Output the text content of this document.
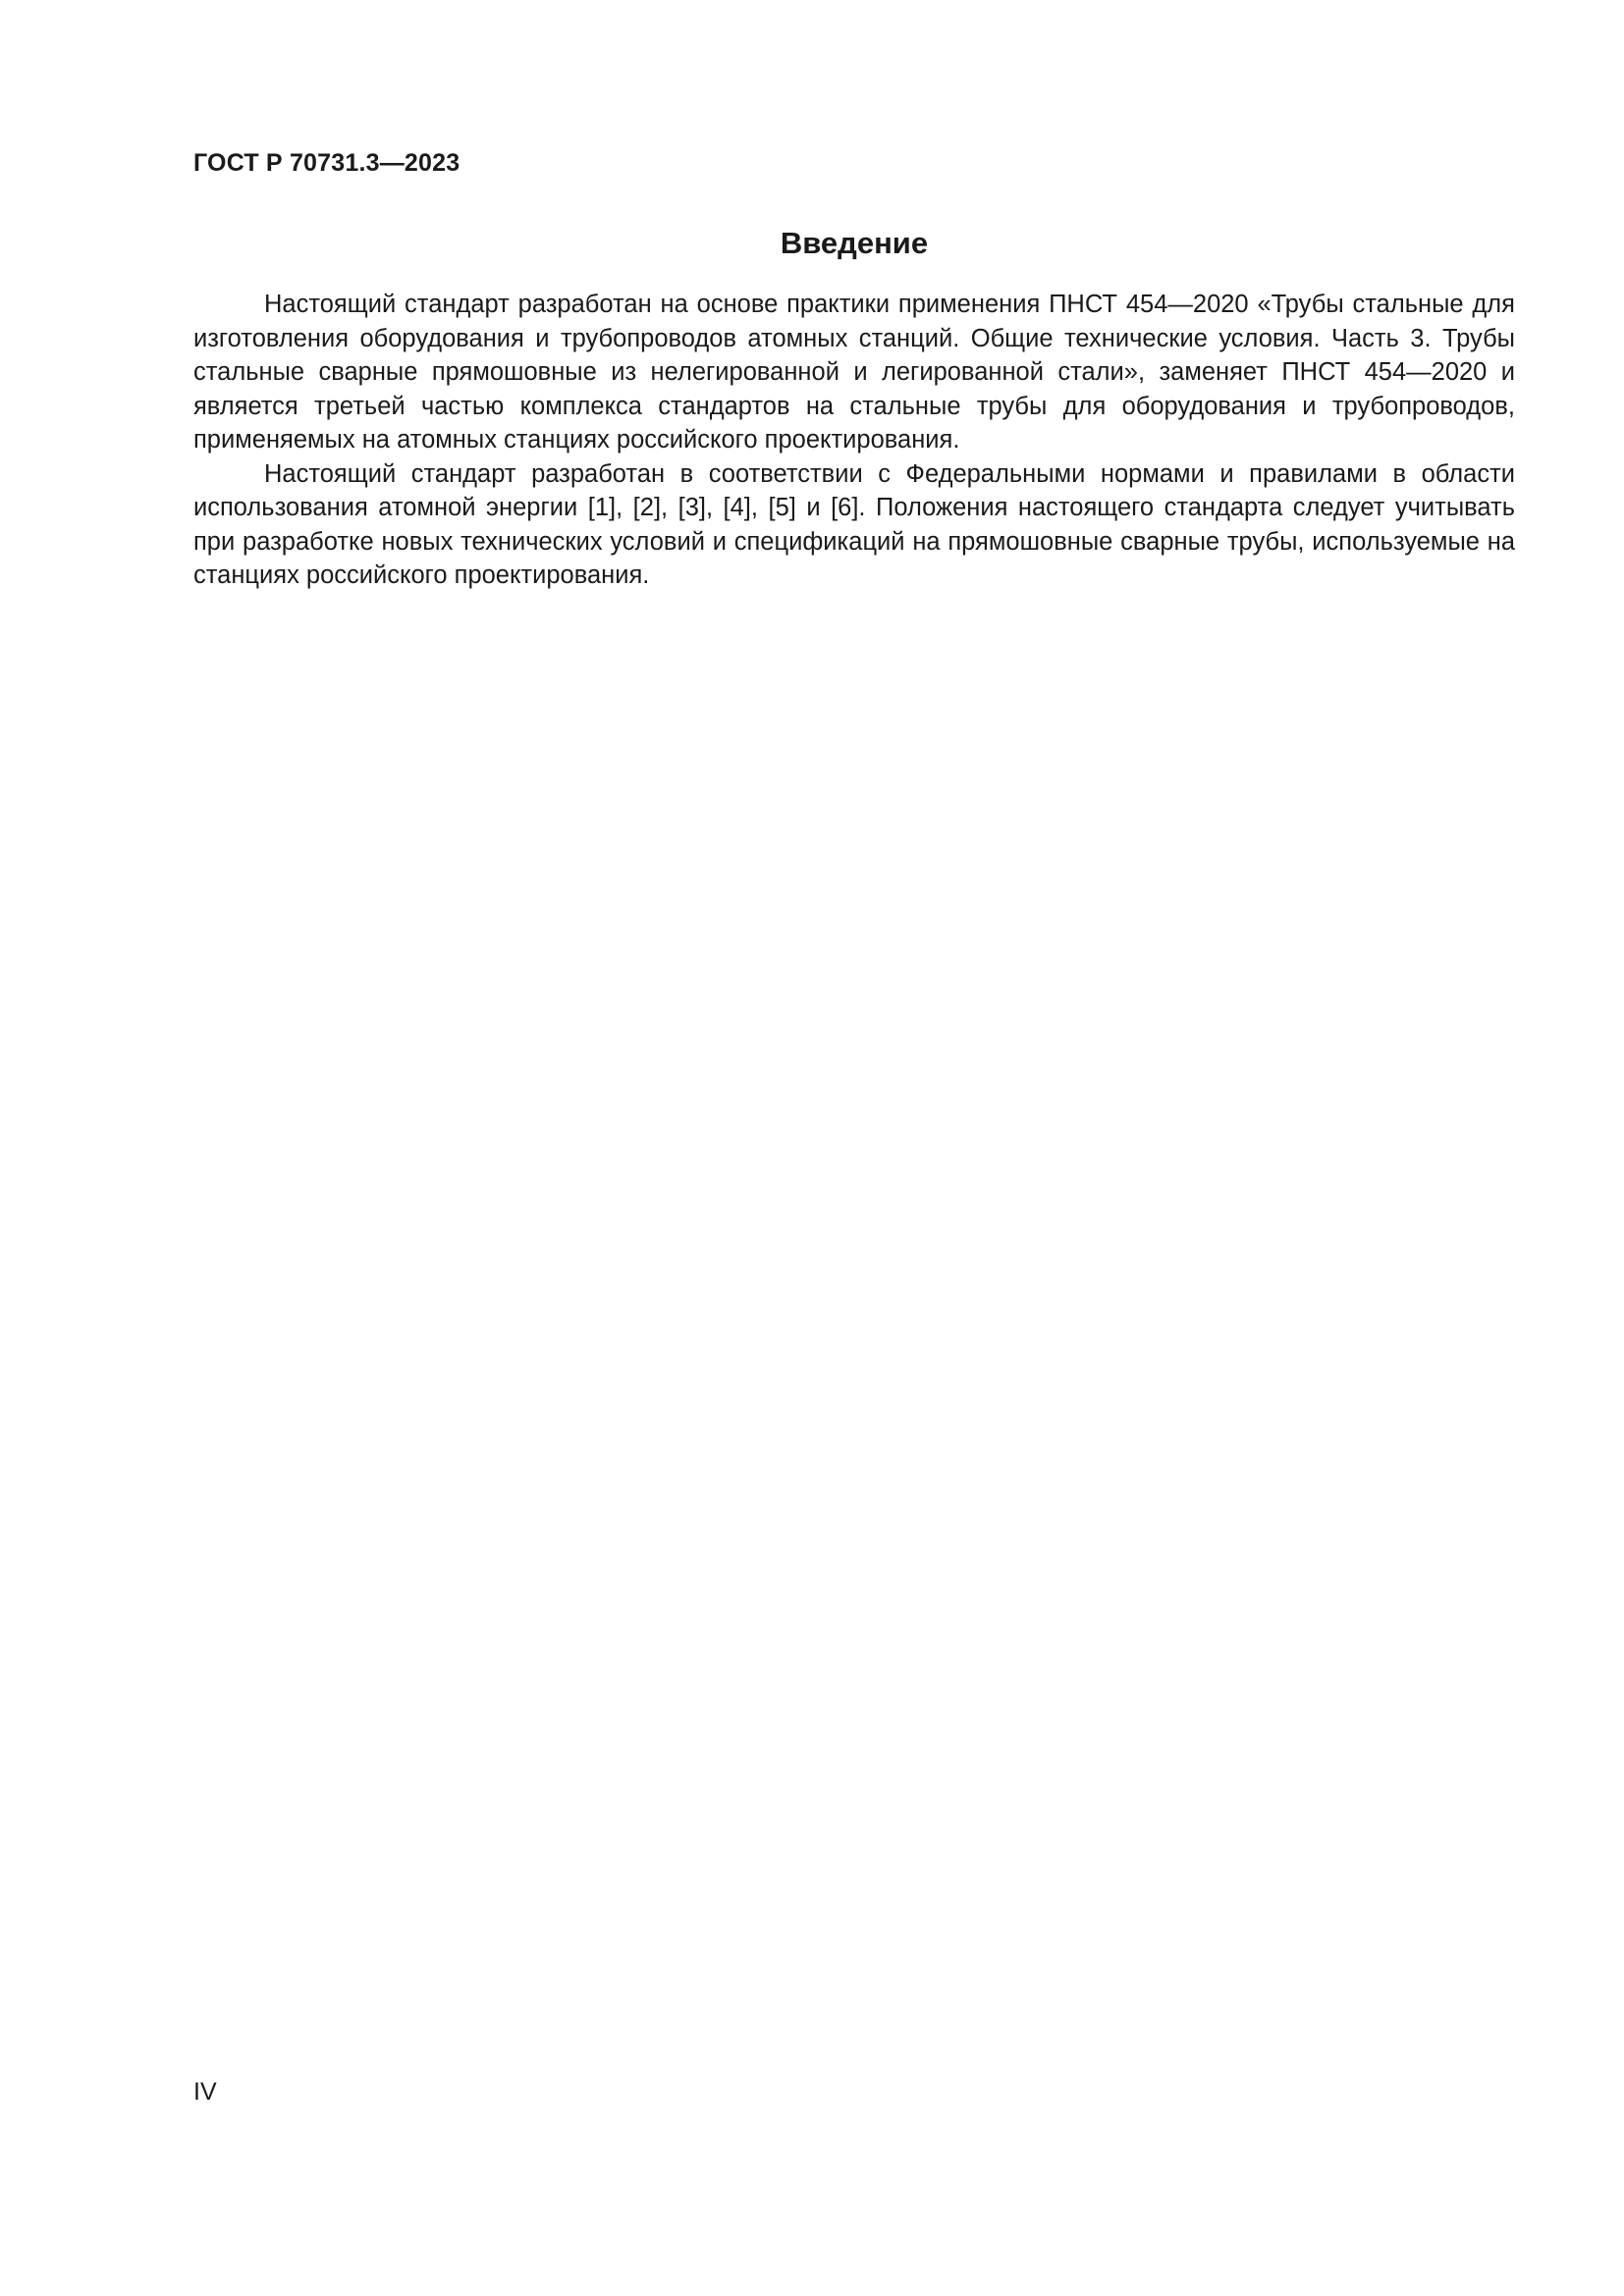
ГОСТ Р 70731.3—2023
Введение

Настоящий стандарт разработан на основе практики применения ПНСТ 454—2020 «Трубы стальные для изготовления оборудования и трубопроводов атомных станций. Общие технические условия. Часть 3. Трубы стальные сварные прямошовные из нелегированной и легированной стали», заменяет ПНСТ 454—2020 и является третьей частью комплекса стандартов на стальные трубы для оборудования и трубопроводов, применяемых на атомных станциях российского проектирования.

Настоящий стандарт разработан в соответствии с Федеральными нормами и правилами в области использования атомной энергии [1], [2], [3], [4], [5] и [6]. Положения настоящего стандарта следует учитывать при разработке новых технических условий и спецификаций на прямошовные сварные трубы, используемые на станциях российского проектирования.

IV
